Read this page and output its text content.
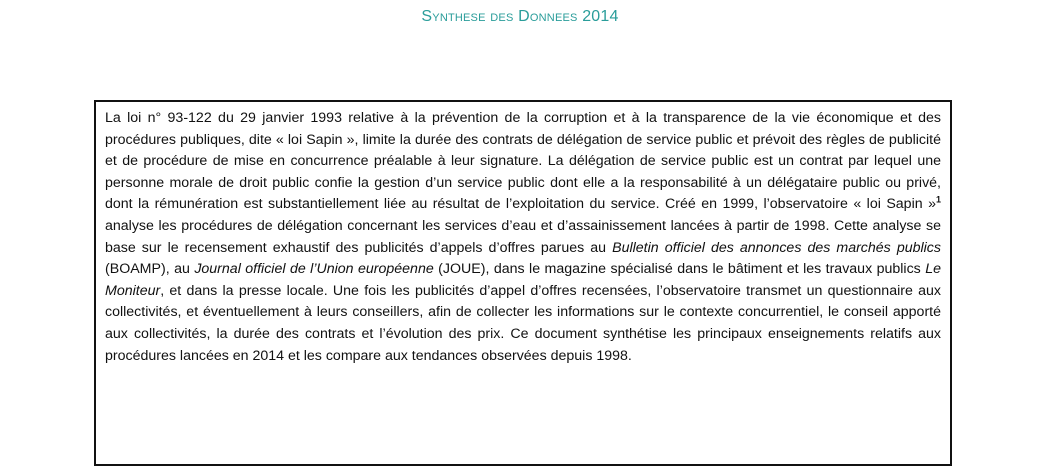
Synthese des Donnees 2014

La loi n° 93-122 du 29 janvier 1993 relative à la prévention de la corruption et à la transparence de la vie économique et des procédures publiques, dite « loi Sapin », limite la durée des contrats de délégation de service public et prévoit des règles de publicité et de procédure de mise en concurrence préalable à leur signature. La délégation de service public est un contrat par lequel une personne morale de droit public confie la gestion d’un service public dont elle a la responsabilité à un délégataire public ou privé, dont la rémunération est substantiellement liée au résultat de l’exploitation du service. Créé en 1999, l’observatoire « loi Sapin »$^1$ analyse les procédures de délégation concernant les services d’eau et d’assainissement lancées à partir de 1998. Cette analyse se base sur le recensement exhaustif des publicités d’appels d’offres parues au Bulletin officiel des annonces des marchés publics (BOAMP), au Journal officiel de l’Union européenne (JOUE), dans le magazine spécialisé dans le bâtiment et les travaux publics Le Moniteur, et dans la presse locale. Une fois les publicités d’appel d’offres recensées, l’observatoire transmet un questionnaire aux collectivités, et éventuellement à leurs conseillers, afin de collecter les informations sur le contexte concurrentiel, le conseil apporté aux collectivités, la durée des contrats et l’évolution des prix. Ce document synthétise les principaux enseignements relatifs aux procédures lancées en 2014 et les compare aux tendances observées depuis 1998.
